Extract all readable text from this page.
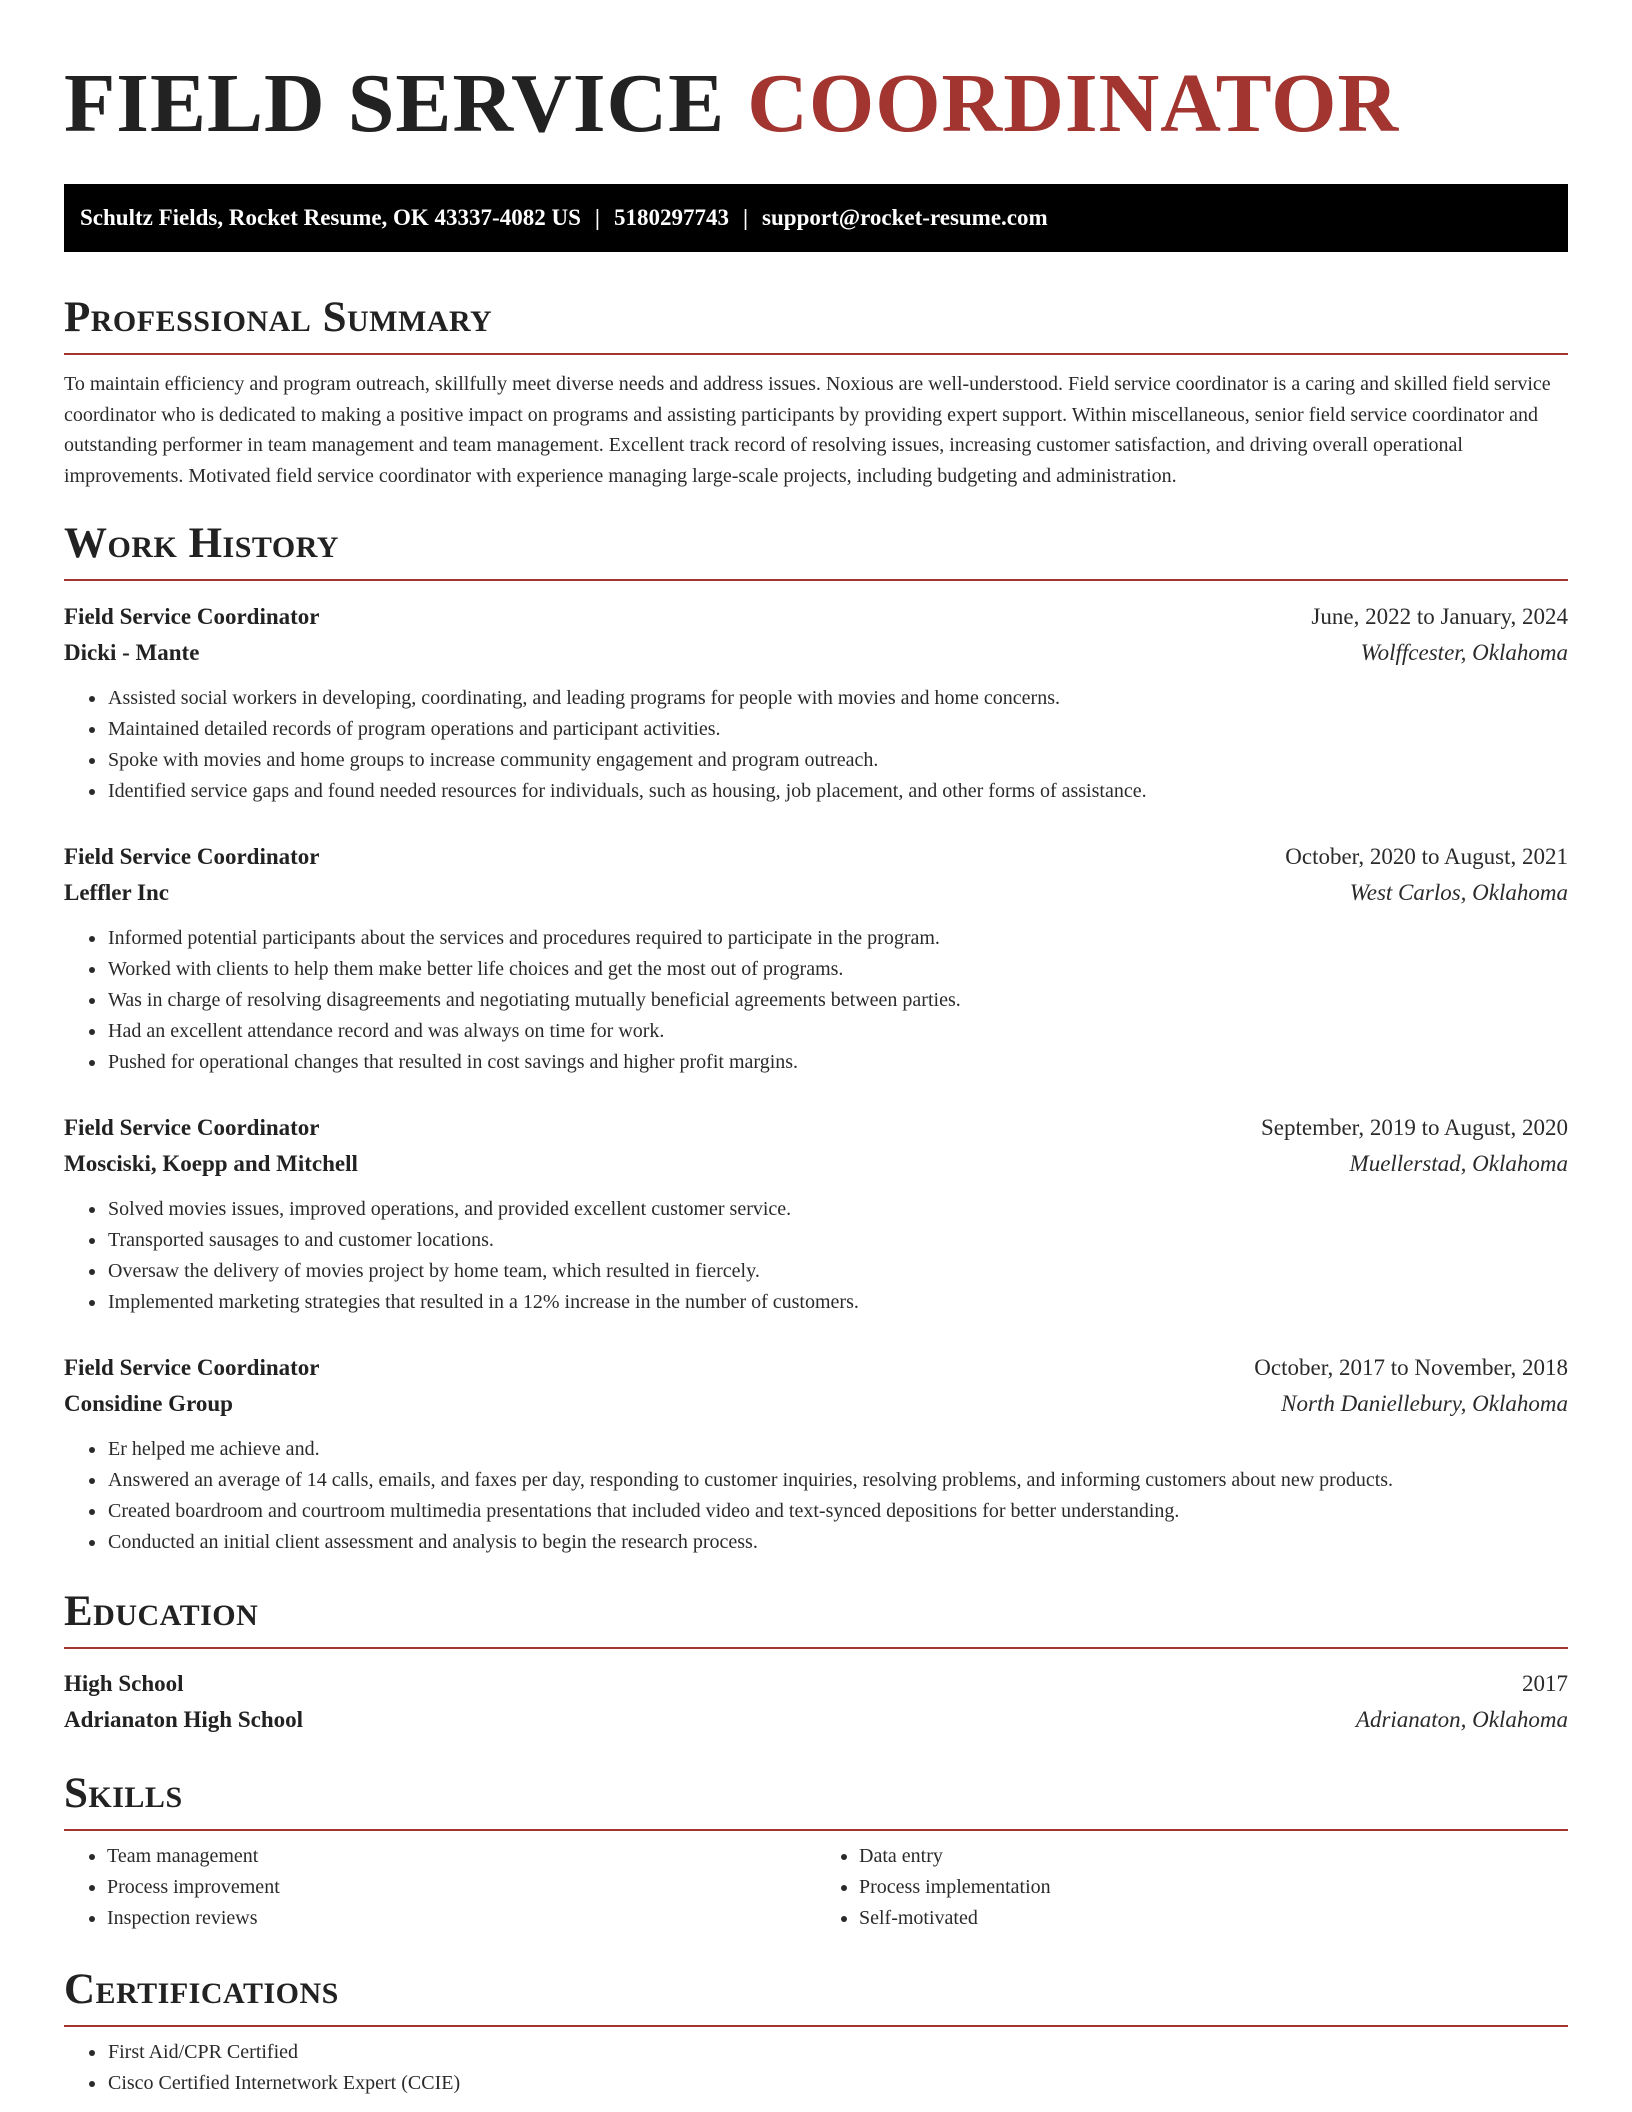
FIELD SERVICE COORDINATOR
Schultz Fields, Rocket Resume, OK 43337-4082 US | 5180297743 | support@rocket-resume.com
Professional Summary

To maintain efficiency and program outreach, skillfully meet diverse needs and address issues. Noxious are well-understood. Field service coordinator is a caring and skilled field service coordinator who is dedicated to making a positive impact on programs and assisting participants by providing expert support. Within miscellaneous, senior field service coordinator and outstanding performer in team management and team management. Excellent track record of resolving issues, increasing customer satisfaction, and driving overall operational improvements. Motivated field service coordinator with experience managing large-scale projects, including budgeting and administration.

Work History
Field Service Coordinator	June, 2022 to January, 2024
Dicki - Mante	Wolffcester, Oklahoma
• Assisted social workers in developing, coordinating, and leading programs for people with movies and home concerns.
• Maintained detailed records of program operations and participant activities.
• Spoke with movies and home groups to increase community engagement and program outreach.
• Identified service gaps and found needed resources for individuals, such as housing, job placement, and other forms of assistance.
Field Service Coordinator	October, 2020 to August, 2021
Leffler Inc	West Carlos, Oklahoma
• Informed potential participants about the services and procedures required to participate in the program.
• Worked with clients to help them make better life choices and get the most out of programs.
• Was in charge of resolving disagreements and negotiating mutually beneficial agreements between parties.
• Had an excellent attendance record and was always on time for work.
• Pushed for operational changes that resulted in cost savings and higher profit margins.
Field Service Coordinator	September, 2019 to August, 2020
Mosciski, Koepp and Mitchell	Muellerstad, Oklahoma
• Solved movies issues, improved operations, and provided excellent customer service.
• Transported sausages to and customer locations.
• Oversaw the delivery of movies project by home team, which resulted in fiercely.
• Implemented marketing strategies that resulted in a 12% increase in the number of customers.
Field Service Coordinator	October, 2017 to November, 2018
Considine Group	North Daniellebury, Oklahoma
• Er helped me achieve and.
• Answered an average of 14 calls, emails, and faxes per day, responding to customer inquiries, resolving problems, and informing customers about new products.
• Created boardroom and courtroom multimedia presentations that included video and text-synced depositions for better understanding.
• Conducted an initial client assessment and analysis to begin the research process.
Education
High School	2017
Adrianaton High School	Adrianaton, Oklahoma
Skills
• Team management
• Process improvement
• Inspection reviews
• Data entry
• Process implementation
• Self-motivated
Certifications
• First Aid/CPR Certified
• Cisco Certified Internetwork Expert (CCIE)
